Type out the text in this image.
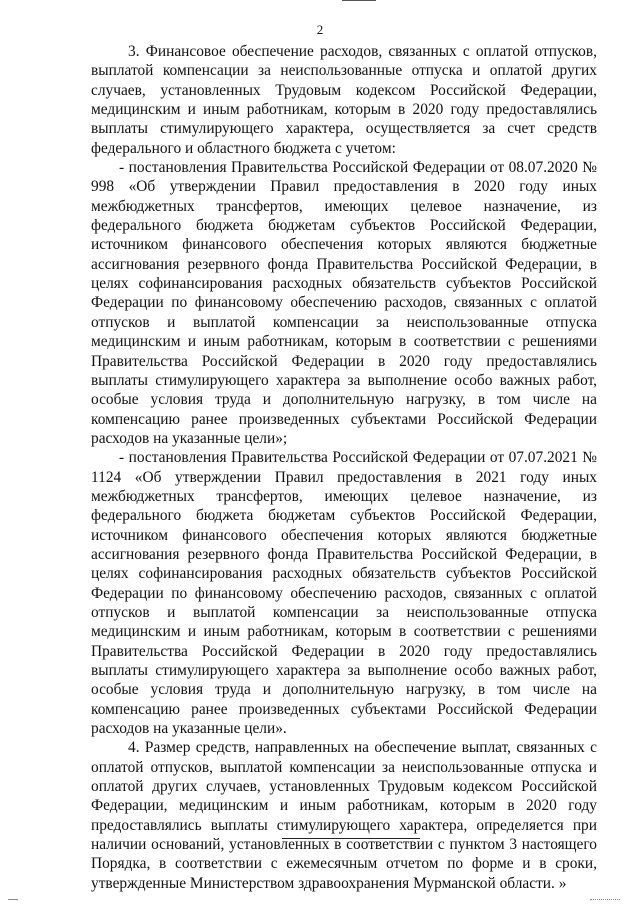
2

3. Финансовое обеспечение расходов, связанных с оплатой отпусков, выплатой компенсации за неиспользованные отпуска и оплатой других случаев, установленных Трудовым кодексом Российской Федерации, медицинским и иным работникам, которым в 2020 году предоставлялись выплаты стимулирующего характера, осуществляется за счет средств федерального и областного бюджета с учетом:

- постановления Правительства Российской Федерации от 08.07.2020 № 998 «Об утверждении Правил предоставления в 2020 году иных межбюджетных трансфертов, имеющих целевое назначение, из федерального бюджета бюджетам субъектов Российской Федерации, источником финансового обеспечения которых являются бюджетные ассигнования резервного фонда Правительства Российской Федерации, в целях софинансирования расходных обязательств субъектов Российской Федерации по финансовому обеспечению расходов, связанных с оплатой отпусков и выплатой компенсации за неиспользованные отпуска медицинским и иным работникам, которым в соответствии с решениями Правительства Российской Федерации в 2020 году предоставлялись выплаты стимулирующего характера за выполнение особо важных работ, особые условия труда и дополнительную нагрузку, в том числе на компенсацию ранее произведенных субъектами Российской Федерации расходов на указанные цели»;

- постановления Правительства Российской Федерации от 07.07.2021 № 1124 «Об утверждении Правил предоставления в 2021 году иных межбюджетных трансфертов, имеющих целевое назначение, из федерального бюджета бюджетам субъектов Российской Федерации, источником финансового обеспечения которых являются бюджетные ассигнования резервного фонда Правительства Российской Федерации, в целях софинансирования расходных обязательств субъектов Российской Федерации по финансовому обеспечению расходов, связанных с оплатой отпусков и выплатой компенсации за неиспользованные отпуска медицинским и иным работникам, которым в соответствии с решениями Правительства Российской Федерации в 2020 году предоставлялись выплаты стимулирующего характера за выполнение особо важных работ, особые условия труда и дополнительную нагрузку, в том числе на компенсацию ранее произведенных субъектами Российской Федерации расходов на указанные цели».

4. Размер средств, направленных на обеспечение выплат, связанных с оплатой отпусков, выплатой компенсации за неиспользованные отпуска и оплатой других случаев, установленных Трудовым кодексом Российской Федерации, медицинским и иным работникам, которым в 2020 году предоставлялись выплаты стимулирующего характера, определяется при наличии оснований, установленных в соответствии с пунктом 3 настоящего Порядка, в соответствии с ежемесячным отчетом по форме и в сроки, утвержденные Министерством здравоохранения Мурманской области. »
